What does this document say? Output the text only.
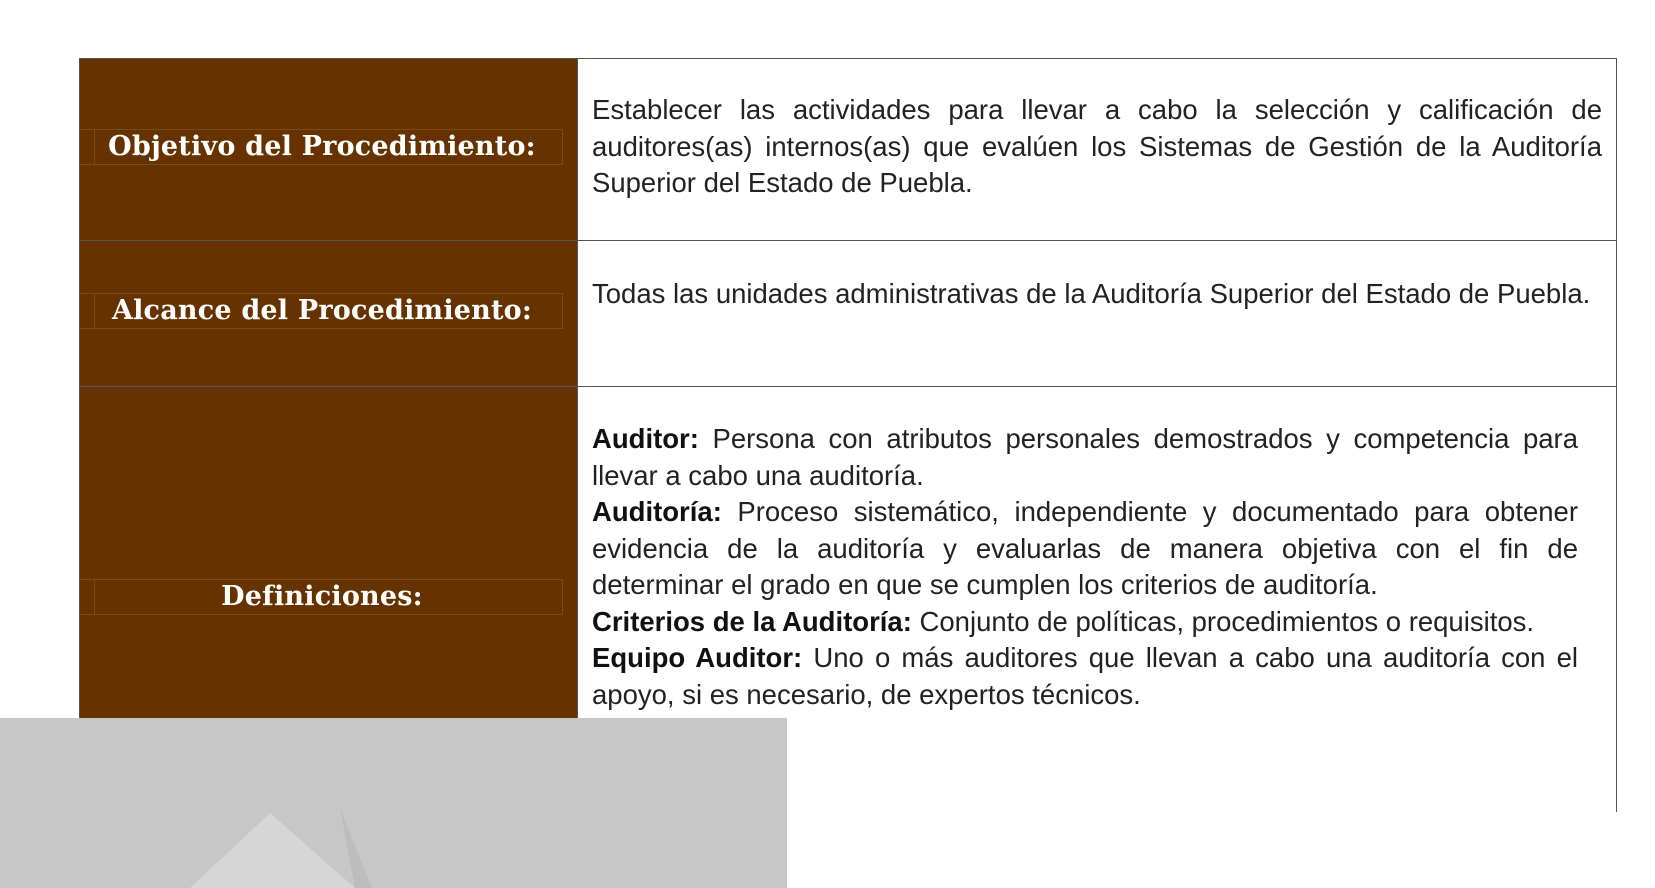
Objetivo del Procedimiento:

Establecer las actividades para llevar a cabo la selección y calificación de auditores(as) internos(as) que evalúen los Sistemas de Gestión de la Auditoría Superior del Estado de Puebla.

Alcance del Procedimiento:

Todas las unidades administrativas de la Auditoría Superior del Estado de Puebla.

Definiciones:

Auditor: Persona con atributos personales demostrados y competencia para llevar a cabo una auditoría.

Auditoría: Proceso sistemático, independiente y documentado para obtener evidencia de la auditoría y evaluarlas de manera objetiva con el fin de determinar el grado en que se cumplen los criterios de auditoría.

Criterios de la Auditoría: Conjunto de políticas, procedimientos o requisitos.

Equipo Auditor: Uno o más auditores que llevan a cabo una auditoría con el apoyo, si es necesario, de expertos técnicos.
